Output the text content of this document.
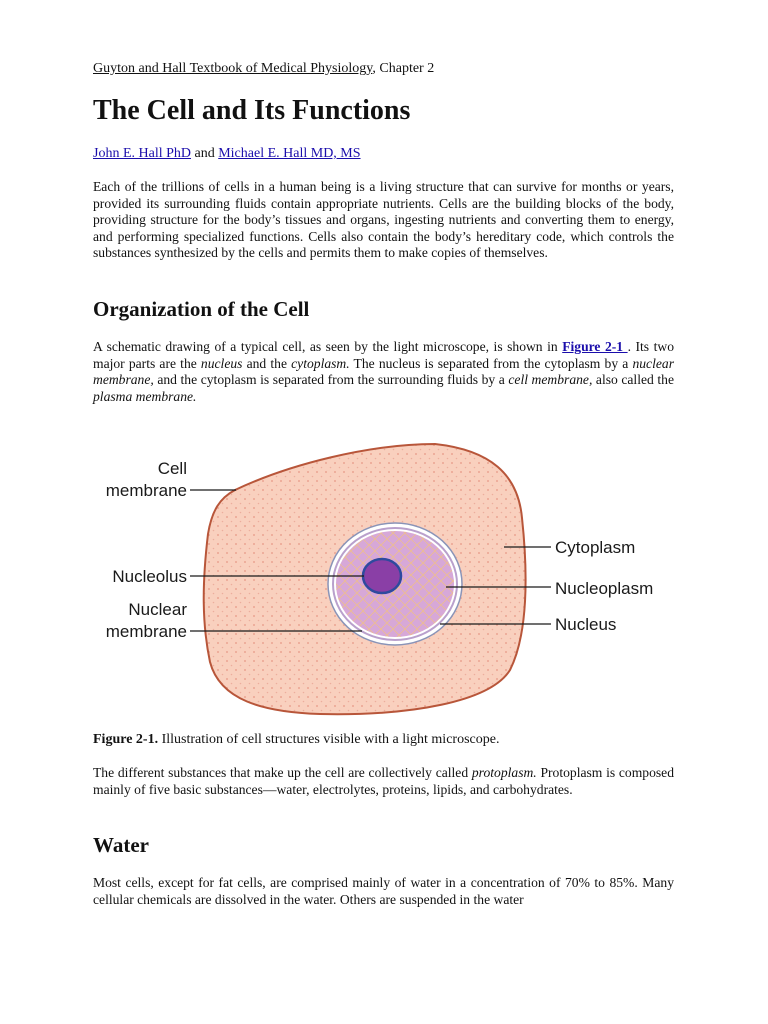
Guyton and Hall Textbook of Medical Physiology, Chapter 2
The Cell and Its Functions
John E. Hall PhD and Michael E. Hall MD, MS

Each of the trillions of cells in a human being is a living structure that can survive for months or years, provided its surrounding fluids contain appropriate nutrients. Cells are the building blocks of the body, providing structure for the body’s tissues and organs, ingesting nutrients and converting them to energy, and performing specialized functions. Cells also contain the body’s hereditary code, which controls the substances synthesized by the cells and permits them to make copies of themselves.

Organization of the Cell

A schematic drawing of a typical cell, as seen by the light microscope, is shown in Figure 2-1 . Its two major parts are the nucleus and the cytoplasm. The nucleus is separated from the cytoplasm by a nuclear membrane, and the cytoplasm is separated from the surrounding fluids by a cell membrane, also called the plasma membrane.

Cell
membrane
Nucleolus
Nuclear
membrane
Cytoplasm
Nucleoplasm
Nucleus
Figure 2-1. Illustration of cell structures visible with a light microscope.

The different substances that make up the cell are collectively called protoplasm. Protoplasm is composed mainly of five basic substances—water, electrolytes, proteins, lipids, and carbohydrates.

Water

Most cells, except for fat cells, are comprised mainly of water in a concentration of 70% to 85%. Many cellular chemicals are dissolved in the water. Others are suspended in the water
